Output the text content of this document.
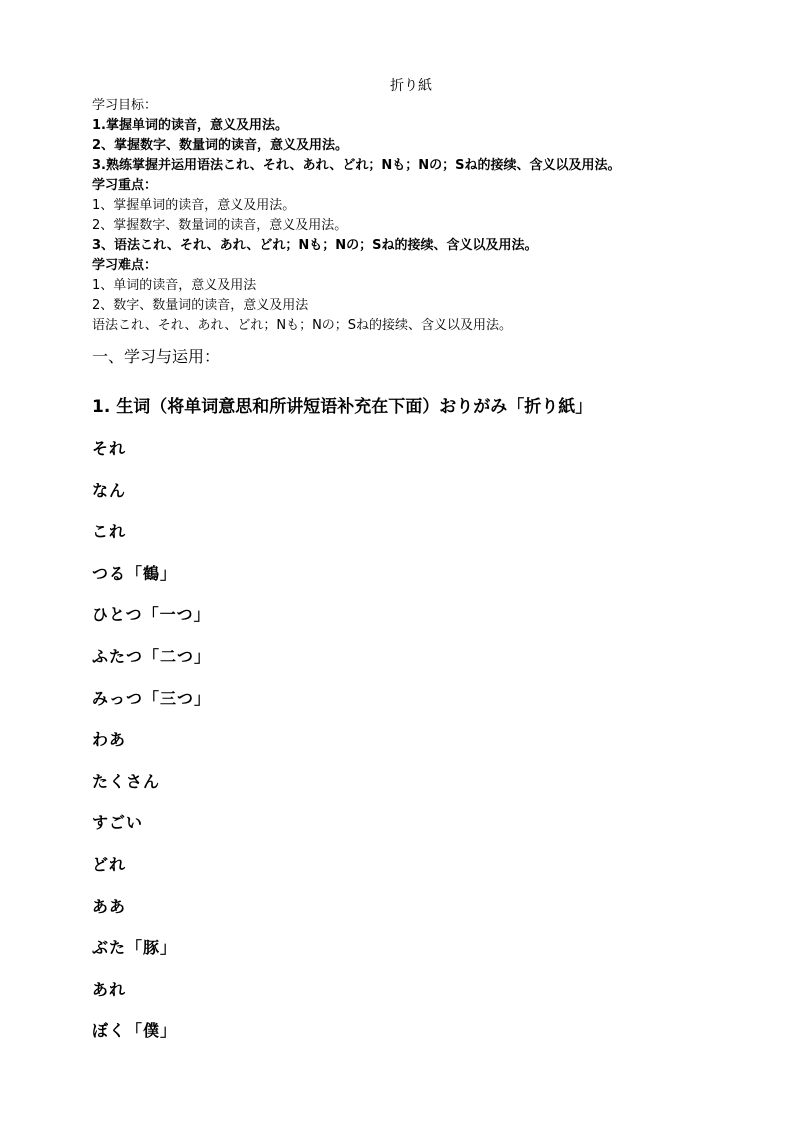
折り紙

学习目标：

1.掌握单词的读音，意义及用法。

2、掌握数字、数量词的读音，意义及用法。

3.熟练掌握并运用语法これ、それ、あれ、どれ；Nも；Nの；Sね的接续、含义以及用法。

学习重点：

1、掌握单词的读音，意义及用法。

2、掌握数字、数量词的读音，意义及用法。

3、语法これ、それ、あれ、どれ；Nも；Nの；Sね的接续、含义以及用法。

学习难点：

1、单词的读音，意义及用法

2、数字、数量词的读音，意义及用法

语法これ、それ、あれ、どれ；Nも；Nの；Sね的接续、含义以及用法。

一、学习与运用：

1. 生词（将单词意思和所讲短语补充在下面）おりがみ「折り紙」

それ
なん
これ
つる「鶴」
ひとつ「一つ」
ふたつ「二つ」
みっつ「三つ」
わあ
たくさん
すごい
どれ
ああ
ぶた「豚」
あれ
ぼく「僕」
